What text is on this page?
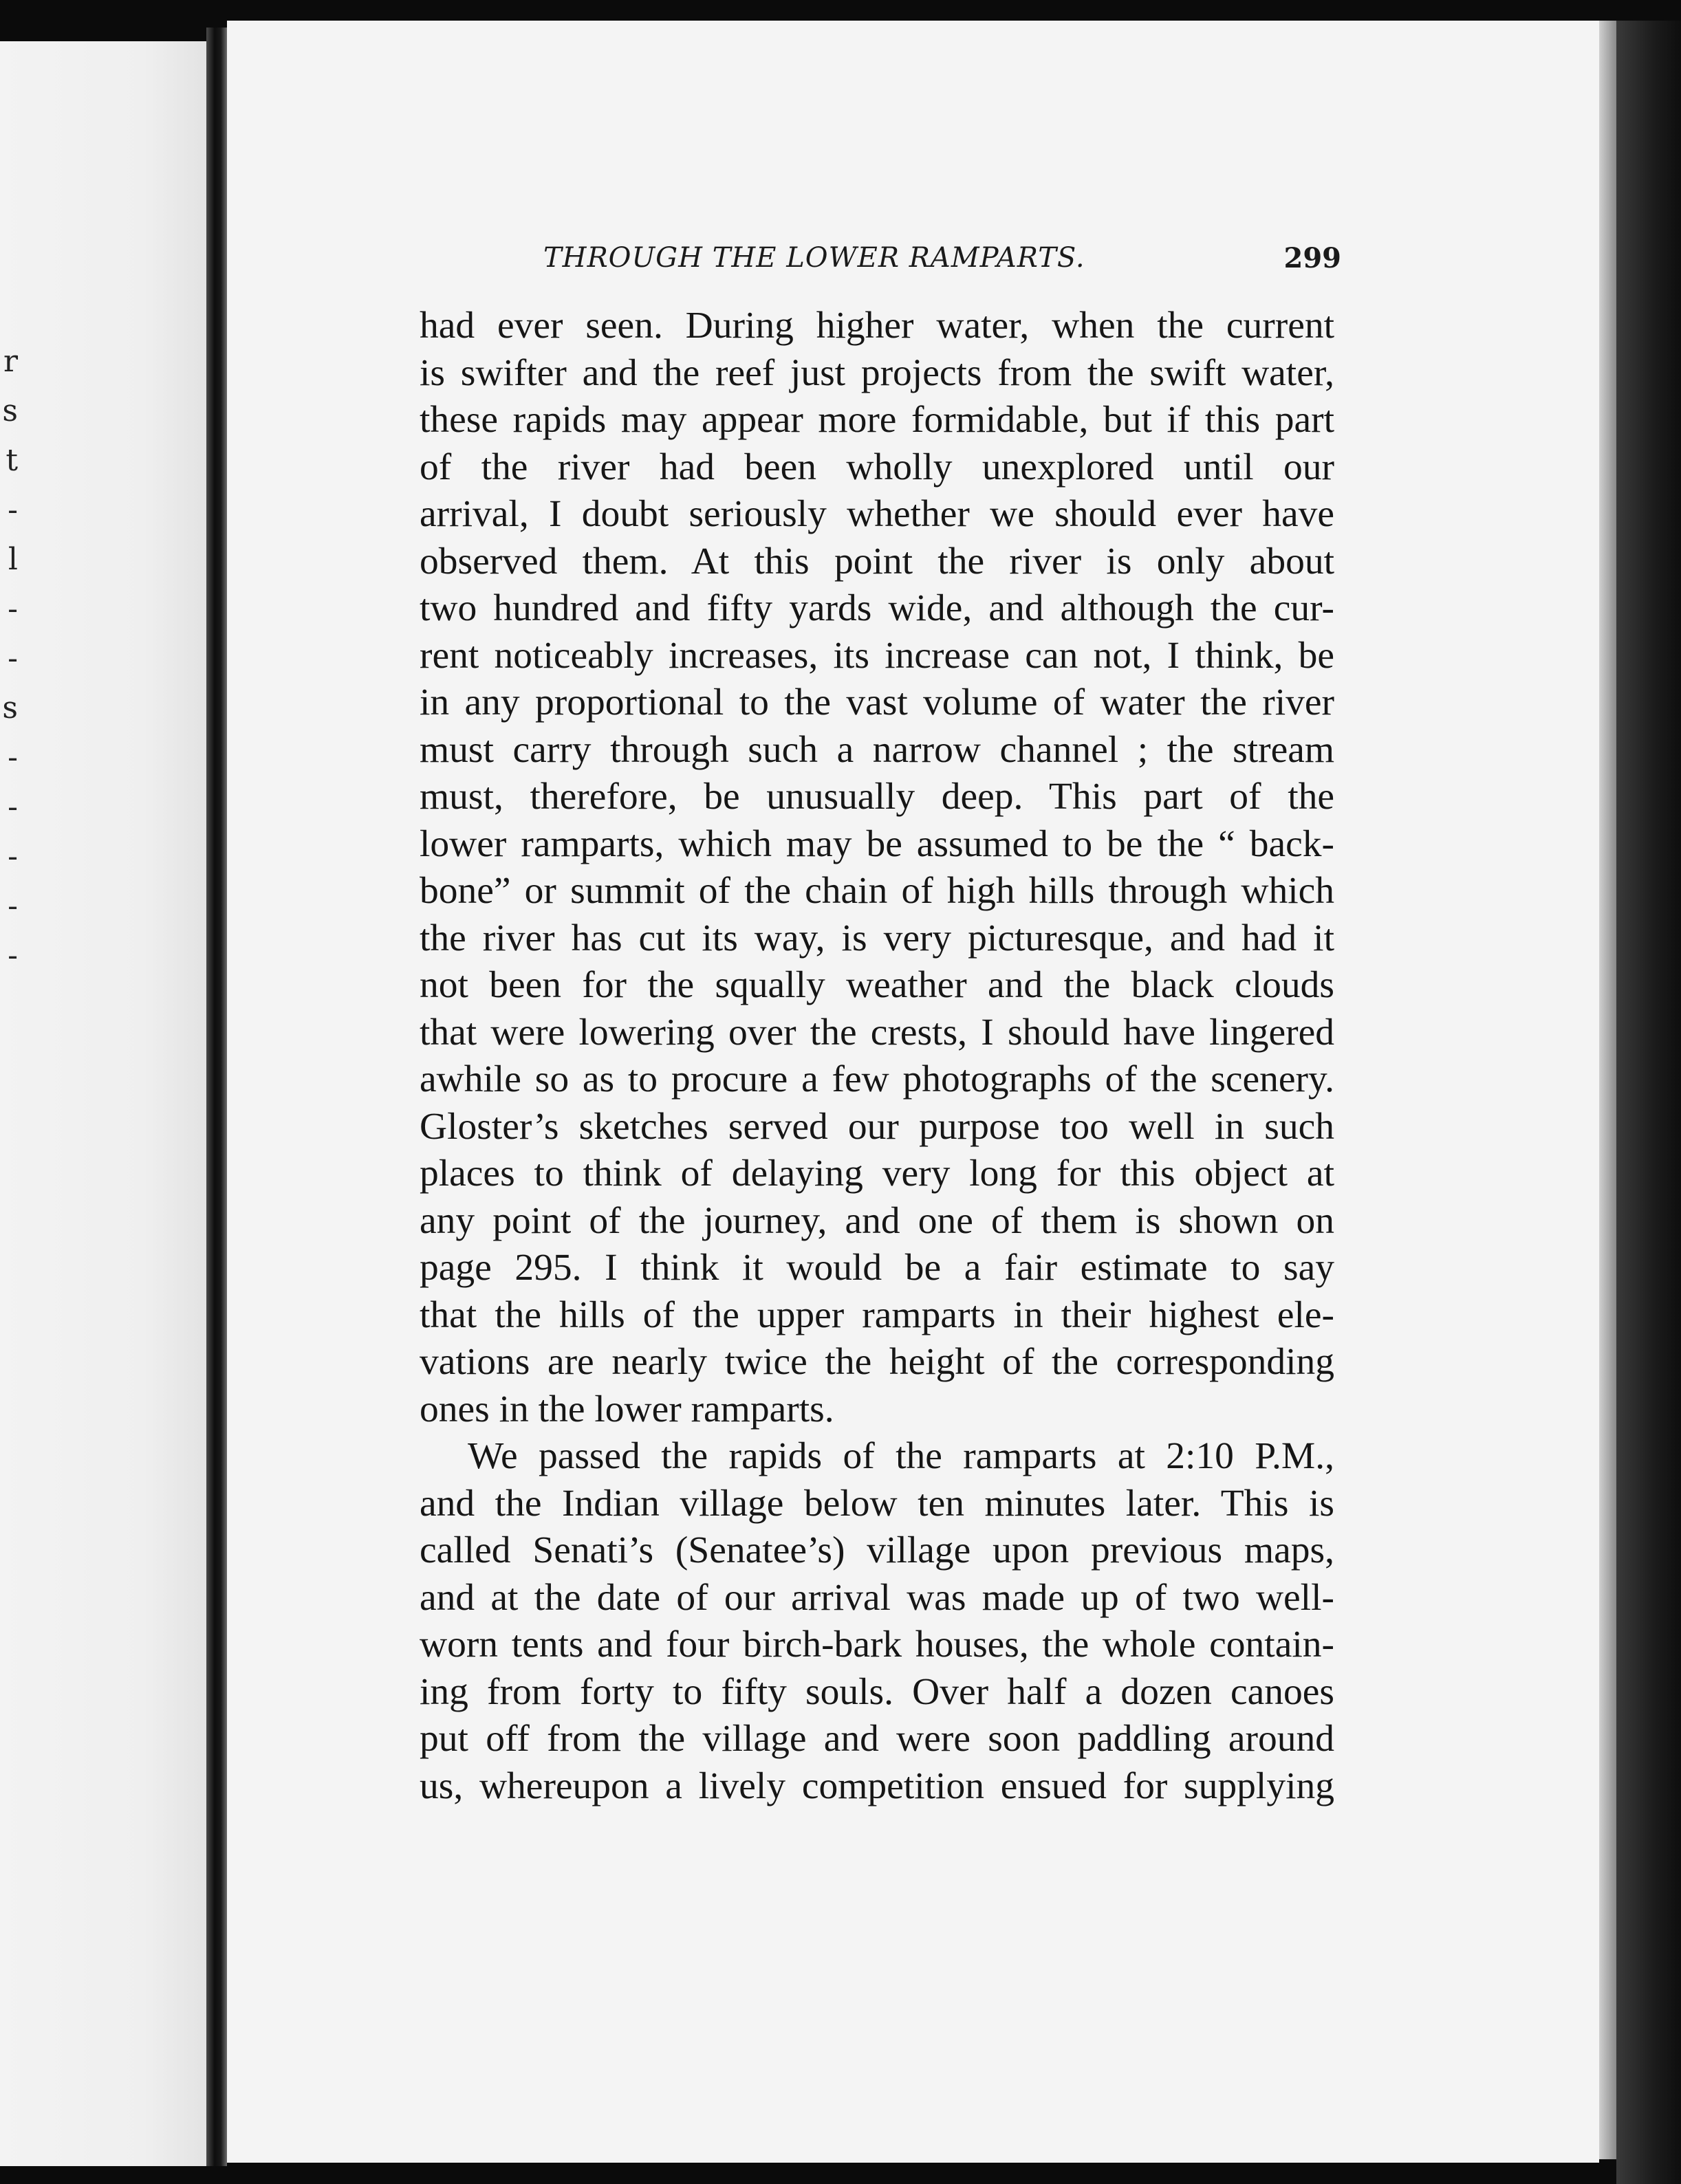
r
s
t
-
l
-
-
s
-
-
-
-
-
THROUGH THE LOWER RAMPARTS.	299
had ever seen. During higher water, when the current
is swifter and the reef just projects from the swift water,
these rapids may appear more formidable, but if this part
of the river had been wholly unexplored until our
arrival, I doubt seriously whether we should ever have
observed them. At this point the river is only about
two hundred and fifty yards wide, and although the cur-
rent noticeably increases, its increase can not, I think, be
in any proportional to the vast volume of water the river
must carry through such a narrow channel ; the stream
must, therefore, be unusually deep. This part of the
lower ramparts, which may be assumed to be the “ back-
bone” or summit of the chain of high hills through which
the river has cut its way, is very picturesque, and had it
not been for the squally weather and the black clouds
that were lowering over the crests, I should have lingered
awhile so as to procure a few photographs of the scenery.
Gloster’s sketches served our purpose too well in such
places to think of delaying very long for this object at
any point of the journey, and one of them is shown on
page 295. I think it would be a fair estimate to say
that the hills of the upper ramparts in their highest ele-
vations are nearly twice the height of the corresponding
ones in the lower ramparts.
We passed the rapids of the ramparts at 2:10 P.M.,
and the Indian village below ten minutes later. This is
called Senati’s (Senatee’s) village upon previous maps,
and at the date of our arrival was made up of two well-
worn tents and four birch-bark houses, the whole contain-
ing from forty to fifty souls. Over half a dozen canoes
put off from the village and were soon paddling around
us, whereupon a lively competition ensued for supplying
